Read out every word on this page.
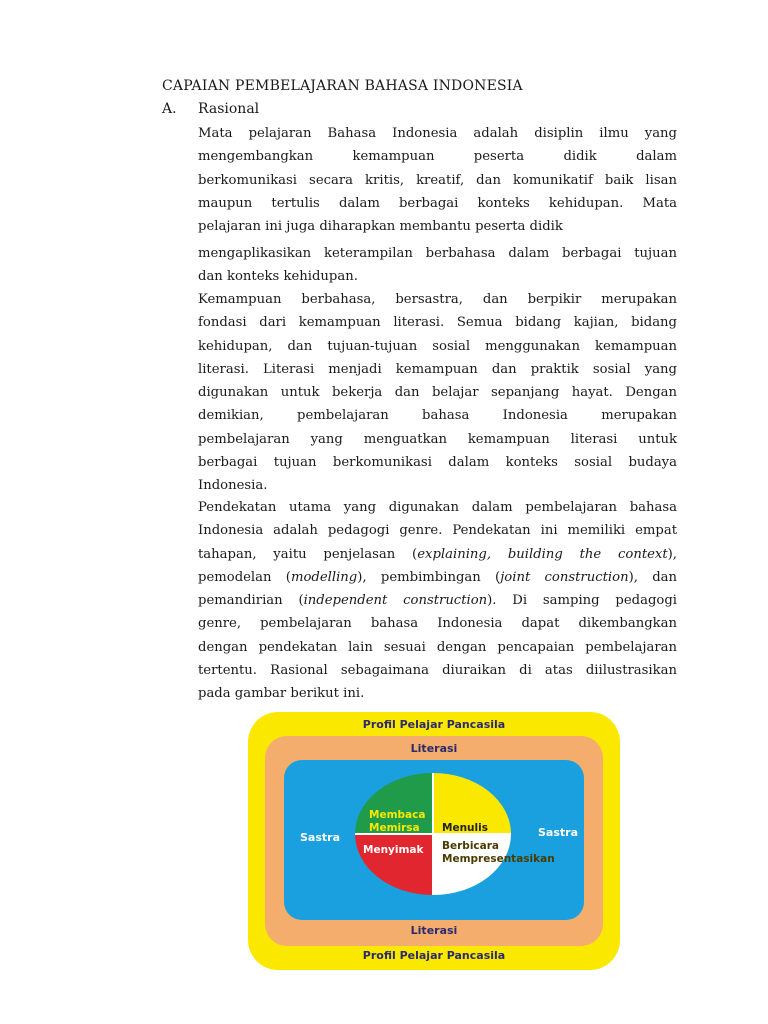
CAPAIAN PEMBELAJARAN BAHASA INDONESIA
A. Rasional
Mata pelajaran Bahasa Indonesia adalah disiplin ilmu yang
mengembangkan kemampuan peserta didik dalam
berkomunikasi secara kritis, kreatif, dan komunikatif baik lisan
maupun tertulis dalam berbagai konteks kehidupan. Mata
pelajaran ini juga diharapkan membantu peserta didik
mengaplikasikan keterampilan berbahasa dalam berbagai tujuan
dan konteks kehidupan.
Kemampuan berbahasa, bersastra, dan berpikir merupakan
fondasi dari kemampuan literasi. Semua bidang kajian, bidang
kehidupan, dan tujuan-tujuan sosial menggunakan kemampuan
literasi. Literasi menjadi kemampuan dan praktik sosial yang
digunakan untuk bekerja dan belajar sepanjang hayat. Dengan
demikian, pembelajaran bahasa Indonesia merupakan
pembelajaran yang menguatkan kemampuan literasi untuk
berbagai tujuan berkomunikasi dalam konteks sosial budaya
Indonesia.
Pendekatan utama yang digunakan dalam pembelajaran bahasa
Indonesia adalah pedagogi genre. Pendekatan ini memiliki empat
tahapan, yaitu penjelasan (explaining, building the context),
pemodelan (modelling), pembimbingan (joint construction), dan
pemandirian (independent construction). Di samping pedagogi
genre, pembelajaran bahasa Indonesia dapat dikembangkan
dengan pendekatan lain sesuai dengan pencapaian pembelajaran
tertentu. Rasional sebagaimana diuraikan di atas diilustrasikan
pada gambar berikut ini.
Profil Pelajar Pancasila
Profil Pelajar Pancasila
Literasi
Literasi
Sastra	Sastra
Membaca
Memirsa Menulis
Menyimak Berbicara
Mempresentasikan
